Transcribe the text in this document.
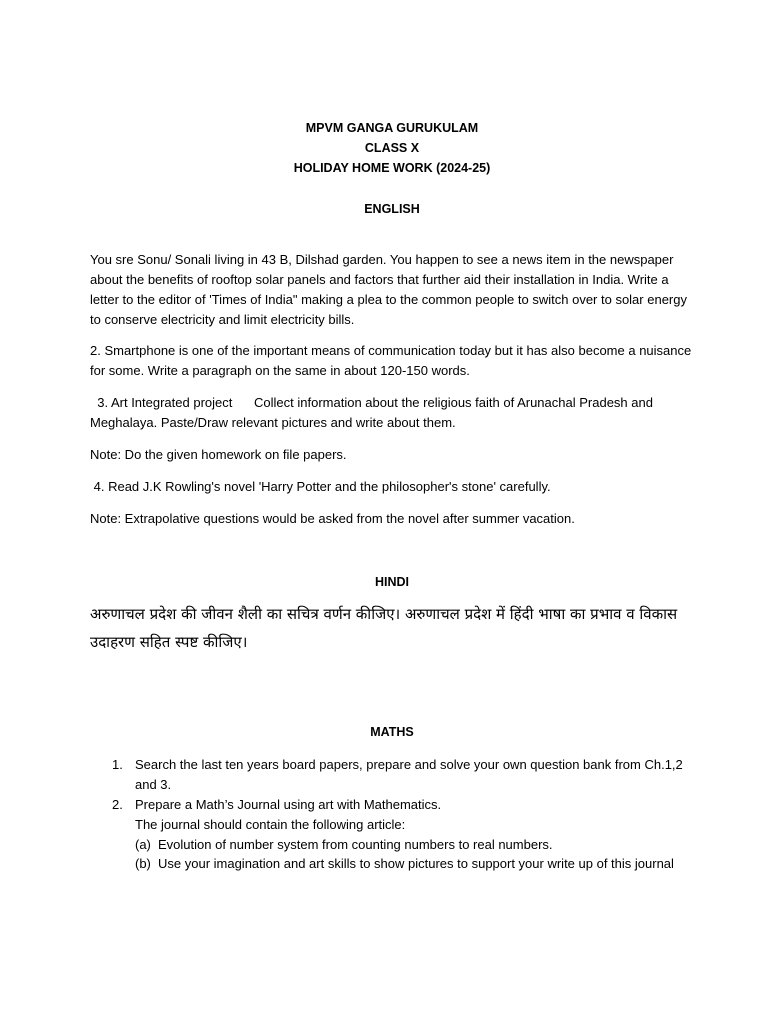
MPVM GANGA GURUKULAM
CLASS X
HOLIDAY HOME WORK (2024-25)
ENGLISH
You sre Sonu/ Sonali living in 43 B, Dilshad garden. You happen to see a news item in the newspaper about the benefits of rooftop solar panels and factors that further aid their installation in India. Write a letter to the editor of 'Times of India" making a plea to the common people to switch over to solar energy to conserve electricity and limit electricity bills.
2. Smartphone is one of the important means of communication today but it has also become a nuisance for some. Write a paragraph on the same in about 120-150 words.
3. Art Integrated project      Collect information about the religious faith of Arunachal Pradesh and Meghalaya. Paste/Draw relevant pictures and write about them.
Note: Do the given homework on file papers.
4. Read J.K Rowling's novel 'Harry Potter and the philosopher's stone' carefully.
Note: Extrapolative questions would be asked from the novel after summer vacation.
HINDI
अरुणाचल प्रदेश की जीवन शैली का सचित्र वर्णन कीजिए। अरुणाचल प्रदेश में हिंदी भाषा का प्रभाव व विकास उदाहरण सहित स्पष्ट कीजिए।
MATHS
1. Search the last ten years board papers, prepare and solve your own question bank from Ch.1,2 and 3.
2. Prepare a Math’s Journal using art with Mathematics.
The journal should contain the following article:
(a) Evolution of number system from counting numbers to real numbers.
(b) Use your imagination and art skills to show pictures to support your write up of this journal
